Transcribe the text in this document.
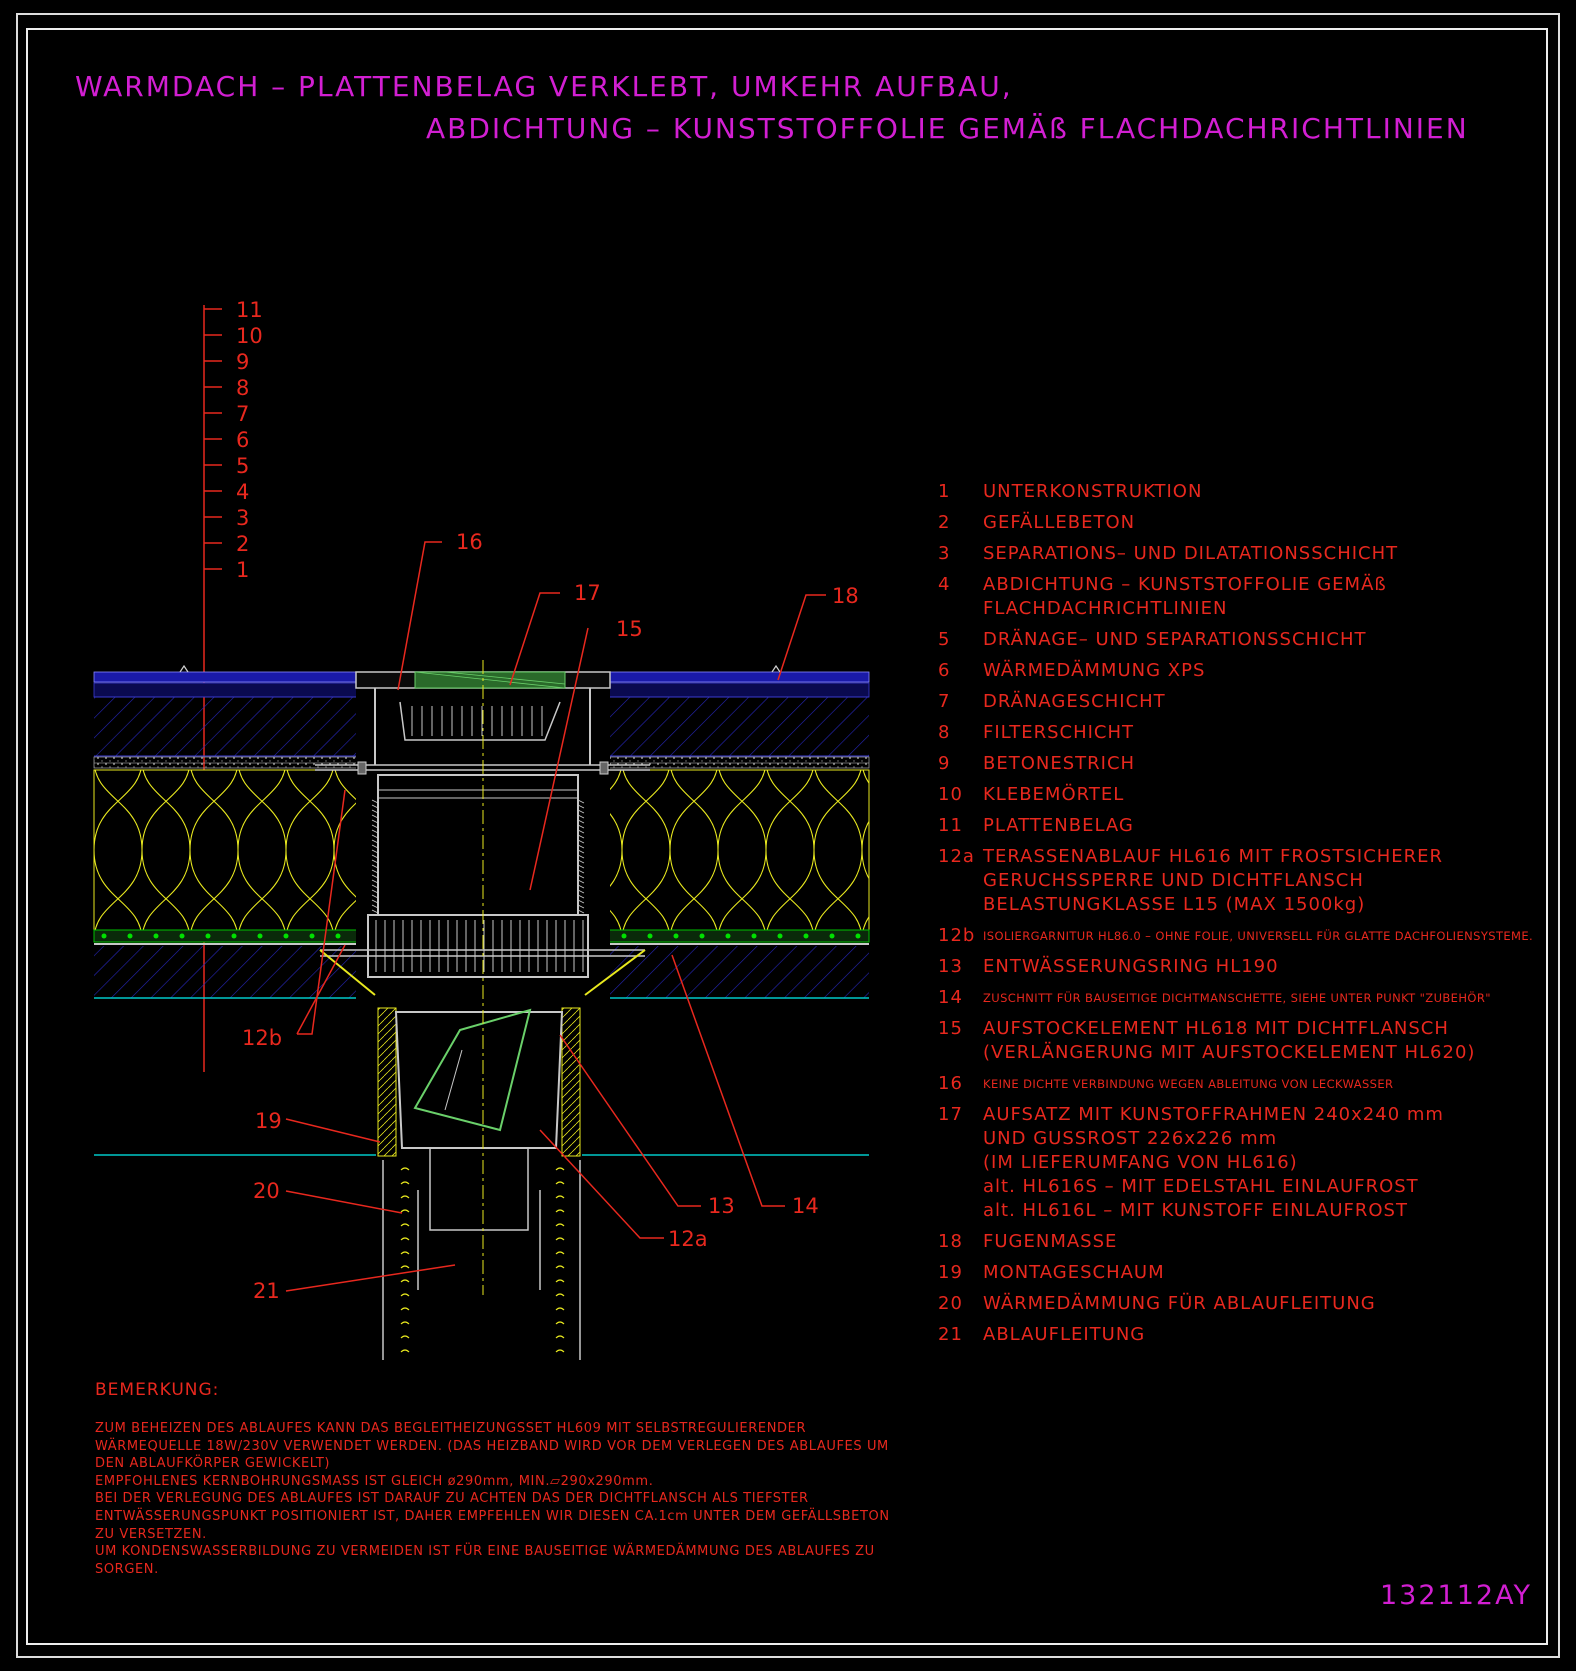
WARMDACH – PLATTENBELAG VERKLEBT, UMKEHR AUFBAU,
ABDICHTUNG – KUNSTSTOFFOLIE GEMÄß FLACHDACHRICHTLINIEN
11
10
9
8
7
6
5
4
3
2
1
16
17
15
18
12b
19
20
21
13	14
12a
1	UNTERKONSTRUKTION
2	GEFÄLLEBETON
3	SEPARATIONS– UND DILATATIONSSCHICHT
4	ABDICHTUNG – KUNSTSTOFFOLIE GEMÄß
FLACHDACHRICHTLINIEN
5	DRÄNAGE– UND SEPARATIONSSCHICHT
6	WÄRMEDÄMMUNG XPS
7	DRÄNAGESCHICHT
8	FILTERSCHICHT
9	BETONESTRICH
10	KLEBEMÖRTEL
11	PLATTENBELAG
12a TERASSENABLAUF HL616 MIT FROSTSICHERER
GERUCHSSPERRE UND DICHTFLANSCH
BELASTUNGKLASSE L15 (MAX 1500kg)
12b ISOLIERGARNITUR HL86.0 – OHNE FOLIE, UNIVERSELL FÜR GLATTE DACHFOLIENSYSTEME.
13	ENTWÄSSERUNGSRING HL190
14	ZUSCHNITT FÜR BAUSEITIGE DICHTMANSCHETTE, SIEHE UNTER PUNKT "ZUBEHÖR"
15	AUFSTOCKELEMENT HL618 MIT DICHTFLANSCH
(VERLÄNGERUNG MIT AUFSTOCKELEMENT HL620)
16	KEINE DICHTE VERBINDUNG WEGEN ABLEITUNG VON LECKWASSER
17	AUFSATZ MIT KUNSTOFFRAHMEN 240x240 mm
UND GUSSROST 226x226 mm
(IM LIEFERUMFANG VON HL616)
alt. HL616S – MIT EDELSTAHL EINLAUFROST
alt. HL616L – MIT KUNSTOFF EINLAUFROST
18	FUGENMASSE
19	MONTAGESCHAUM
20	WÄRMEDÄMMUNG FÜR ABLAUFLEITUNG
21	ABLAUFLEITUNG
BEMERKUNG:
ZUM BEHEIZEN DES ABLAUFES KANN DAS BEGLEITHEIZUNGSSET HL609 MIT SELBSTREGULIERENDER
WÄRMEQUELLE 18W/230V VERWENDET WERDEN. (DAS HEIZBAND WIRD VOR DEM VERLEGEN DES ABLAUFES UM
DEN ABLAUFKÖRPER GEWICKELT)
EMPFOHLENES KERNBOHRUNGSMASS IST GLEICH ø290mm, MIN.▱290x290mm.
BEI DER VERLEGUNG DES ABLAUFES IST DARAUF ZU ACHTEN DAS DER DICHTFLANSCH ALS TIEFSTER
ENTWÄSSERUNGSPUNKT POSITIONIERT IST, DAHER EMPFEHLEN WIR DIESEN CA.1cm UNTER DEM GEFÄLLSBETON
ZU VERSETZEN.
UM KONDENSWASSERBILDUNG ZU VERMEIDEN IST FÜR EINE BAUSEITIGE WÄRMEDÄMMUNG DES ABLAUFES ZU
SORGEN.
132112AY
